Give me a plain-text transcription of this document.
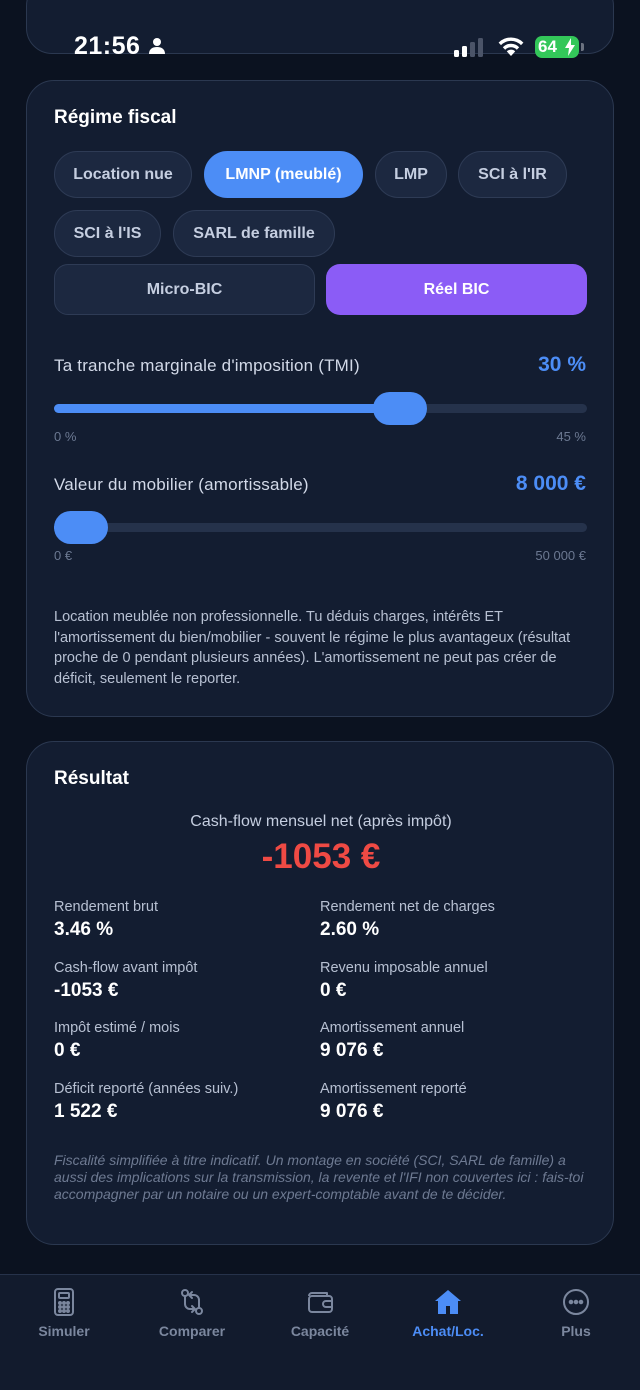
21:56	64
Régime fiscal
Location nue	LMNP (meublé)	LMP	SCI à l'IR
SCI à l'IS	SARL de famille
Micro-BIC	Réel BIC
Ta tranche marginale d'imposition (TMI)	30 %
0 %	45 %
Valeur du mobilier (amortissable)	8 000 €
0 €	50 000 €

Location meublée non professionnelle. Tu déduis charges, intérêts ET l'amortissement du bien/mobilier - souvent le régime le plus avantageux (résultat proche de 0 pendant plusieurs années). L'amortissement ne peut pas créer de déficit, seulement le reporter.

Résultat
Cash-flow mensuel net (après impôt)
-1053 €
Rendement brut
3.46 %
Rendement net de charges
2.60 %
Cash-flow avant impôt
-1053 €
Revenu imposable annuel
0 €
Impôt estimé / mois
0 €
Amortissement annuel
9 076 €
Déficit reporté (années suiv.)
1 522 €
Amortissement reporté
9 076 €

Fiscalité simplifiée à titre indicatif. Un montage en société (SCI, SARL de famille) a aussi des implications sur la transmission, la revente et l'IFI non couvertes ici : fais-toi accompagner par un notaire ou un expert-comptable avant de te décider.

Simuler	Comparer	Capacité	Achat/Loc.	Plus
